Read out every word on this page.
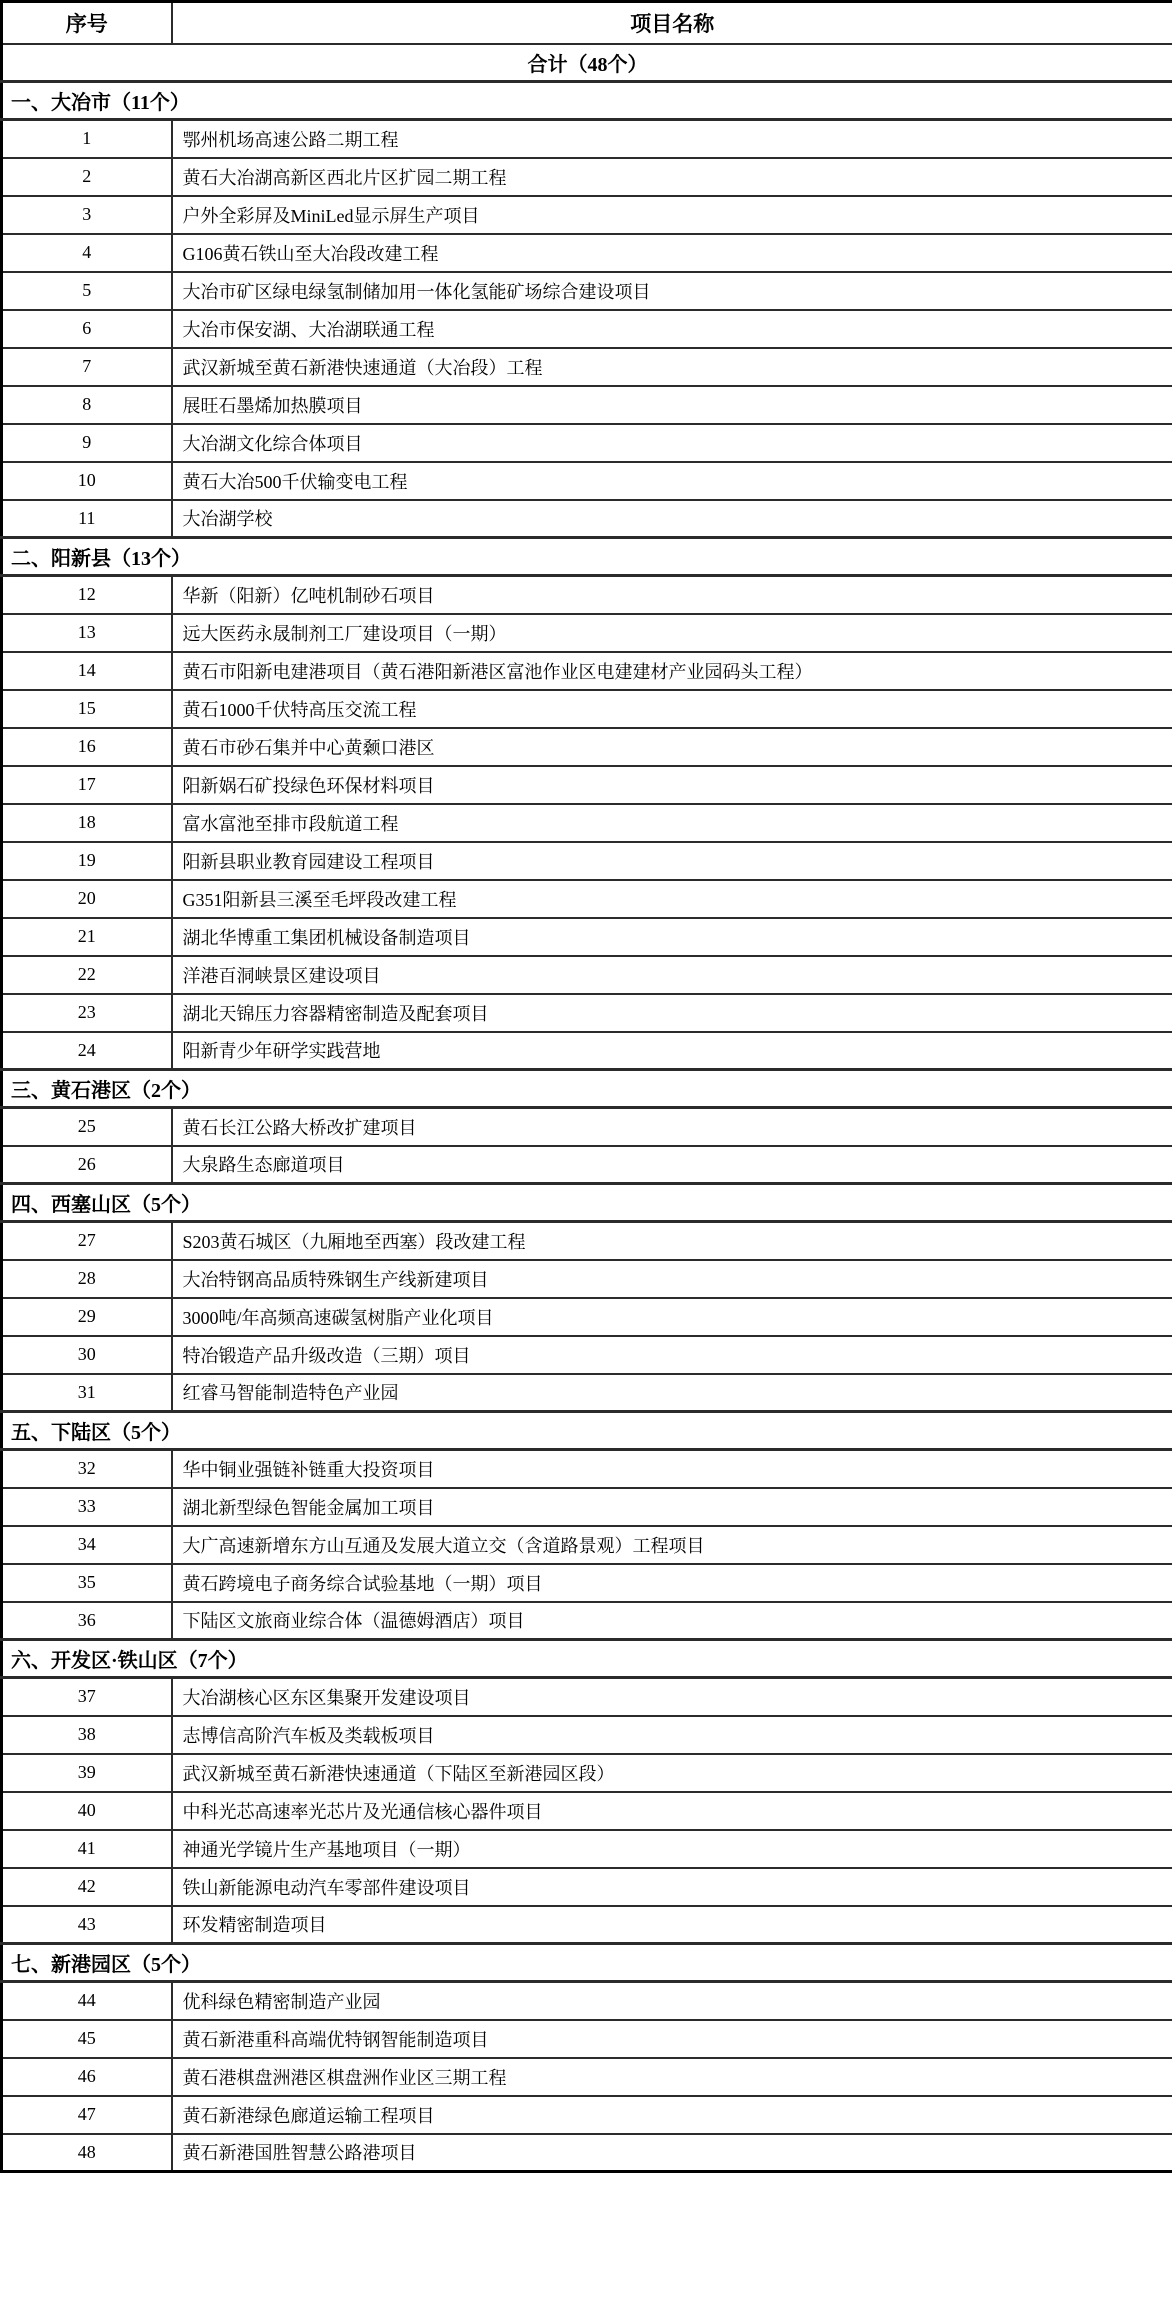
序号	项目名称
合计（48个）	
一、大冶市（11个）	
1	鄂州机场高速公路二期工程
2	黄石大冶湖高新区西北片区扩园二期工程
3	户外全彩屏及MiniLed显示屏生产项目
4	G106黄石铁山至大冶段改建工程
5	大冶市矿区绿电绿氢制储加用一体化氢能矿场综合建设项目
6	大冶市保安湖、大冶湖联通工程
7	武汉新城至黄石新港快速通道（大冶段）工程
8	展旺石墨烯加热膜项目
9	大冶湖文化综合体项目
10	黄石大冶500千伏输变电工程
11	大冶湖学校
二、阳新县（13个）	
12	华新（阳新）亿吨机制砂石项目
13	远大医药永晟制剂工厂建设项目（一期）
14	黄石市阳新电建港项目（黄石港阳新港区富池作业区电建建材产业园码头工程）
15	黄石1000千伏特高压交流工程
16	黄石市砂石集并中心黄颡口港区
17	阳新娲石矿投绿色环保材料项目
18	富水富池至排市段航道工程
19	阳新县职业教育园建设工程项目
20	G351阳新县三溪至毛坪段改建工程
21	湖北华博重工集团机械设备制造项目
22	洋港百洞峡景区建设项目
23	湖北天锦压力容器精密制造及配套项目
24	阳新青少年研学实践营地
三、黄石港区（2个）	
25	黄石长江公路大桥改扩建项目
26	大泉路生态廊道项目
四、西塞山区（5个）	
27	S203黄石城区（九厢地至西塞）段改建工程
28	大冶特钢高品质特殊钢生产线新建项目
29	3000吨/年高频高速碳氢树脂产业化项目
30	特冶锻造产品升级改造（三期）项目
31	红睿马智能制造特色产业园
五、下陆区（5个）	
32	华中铜业强链补链重大投资项目
33	湖北新型绿色智能金属加工项目
34	大广高速新增东方山互通及发展大道立交（含道路景观）工程项目
35	黄石跨境电子商务综合试验基地（一期）项目
36	下陆区文旅商业综合体（温德姆酒店）项目
六、开发区·铁山区（7个）	
37	大冶湖核心区东区集聚开发建设项目
38	志博信高阶汽车板及类载板项目
39	武汉新城至黄石新港快速通道（下陆区至新港园区段）
40	中科光芯高速率光芯片及光通信核心器件项目
41	神通光学镜片生产基地项目（一期）
42	铁山新能源电动汽车零部件建设项目
43	环发精密制造项目
七、新港园区（5个）	
44	优科绿色精密制造产业园
45	黄石新港重科高端优特钢智能制造项目
46	黄石港棋盘洲港区棋盘洲作业区三期工程
47	黄石新港绿色廊道运输工程项目
48	黄石新港国胜智慧公路港项目
